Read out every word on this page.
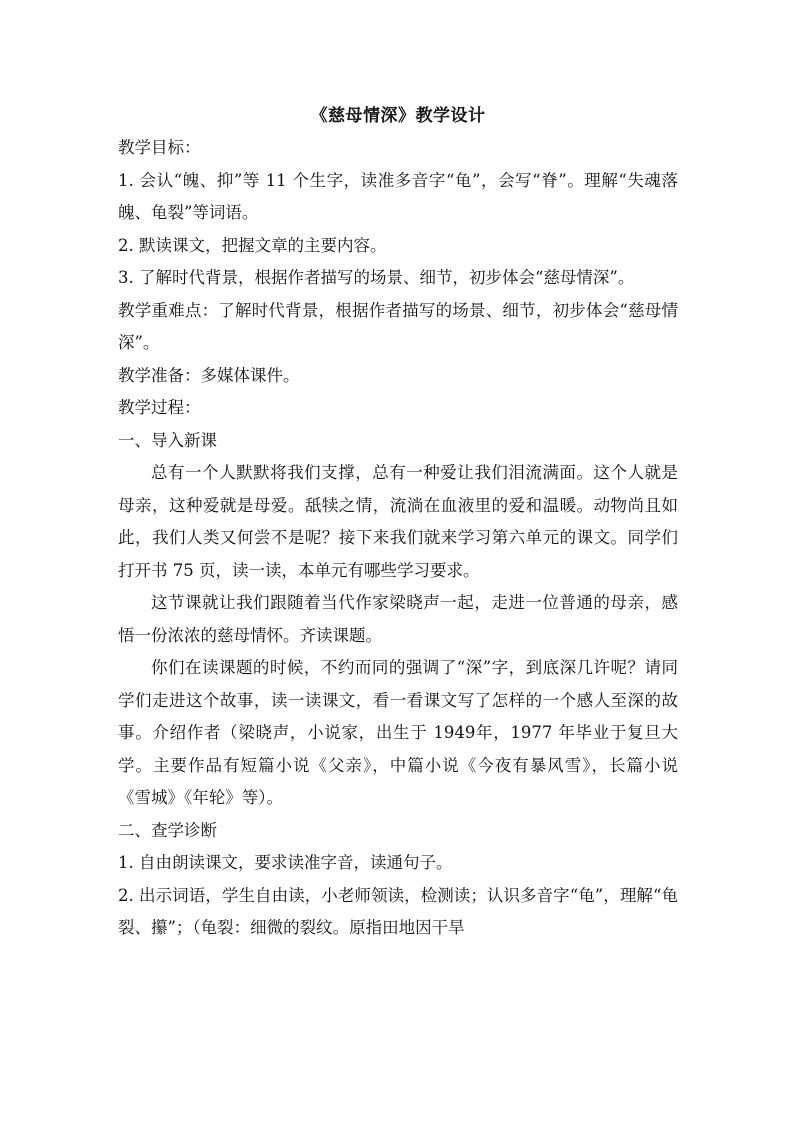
《慈母情深》教学设计

教学目标：

1. 会认“魄、抑”等 11 个生字，读准多音字“龟”，会写“脊”。理解“失魂落魄、龟裂”等词语。

2. 默读课文，把握文章的主要内容。

3. 了解时代背景，根据作者描写的场景、细节，初步体会“慈母情深”。

教学重难点：了解时代背景，根据作者描写的场景、细节，初步体会“慈母情深”。

教学准备：多媒体课件。

教学过程：

一、导入新课

总有一个人默默将我们支撑，总有一种爱让我们泪流满面。这个人就是母亲，这种爱就是母爱。舐犊之情，流淌在血液里的爱和温暖。动物尚且如此，我们人类又何尝不是呢？接下来我们就来学习第六单元的课文。同学们打开书 75 页，读一读，本单元有哪些学习要求。

这节课就让我们跟随着当代作家梁晓声一起，走进一位普通的母亲，感悟一份浓浓的慈母情怀。齐读课题。

你们在读课题的时候，不约而同的强调了“深”字，到底深几许呢？请同学们走进这个故事，读一读课文，看一看课文写了怎样的一个感人至深的故事。介绍作者（梁晓声，小说家，出生于 1949年，1977 年毕业于复旦大学。主要作品有短篇小说《父亲》，中篇小说《今夜有暴风雪》，长篇小说《雪城》《年轮》等）。

二、查学诊断

1. 自由朗读课文，要求读准字音，读通句子。

2. 出示词语，学生自由读，小老师领读，检测读；认识多音字“龟”，理解“龟裂、攥”；（龟裂：细微的裂纹。原指田地因干旱
